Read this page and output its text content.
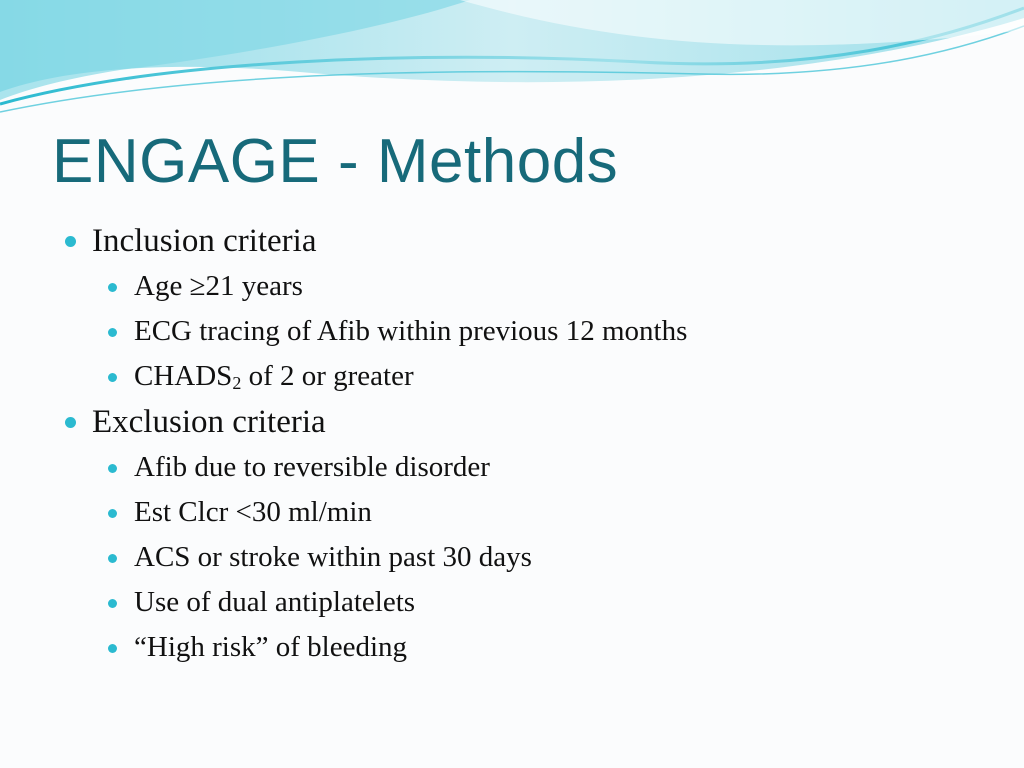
ENGAGE - Methods
Inclusion criteria
Age ≥21 years
ECG tracing of Afib within previous 12 months
$CHADS_2$ of 2 or greater
Exclusion criteria
Afib due to reversible disorder
Est Clcr <30 ml/min
ACS or stroke within past 30 days
Use of dual antiplatelets
“High risk” of bleeding
